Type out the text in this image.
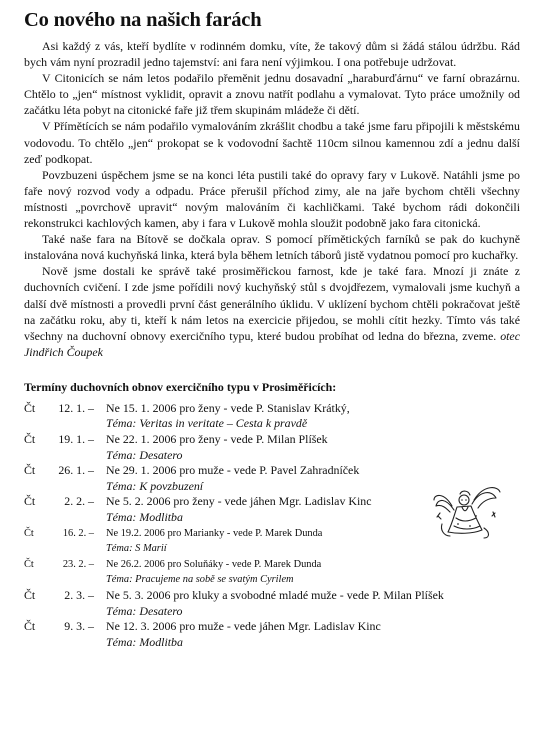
Co nového na našich farách

Asi každý z vás, kteří bydlíte v rodinném domku, víte, že takový dům si žádá stálou údržbu. Rád bych vám nyní prozradil jedno tajemství: ani fara není výjimkou. I ona potřebuje udržovat.

V Citonicích se nám letos podařilo přeměnit jednu dosavadní „haraburďárnu“ ve farní obrazárnu. Chtělo to „jen“ místnost vyklidit, opravit a znovu natřít podlahu a vymalovat. Tyto práce umožnily od začátku léta pobyt na citonické faře již třem skupinám mládeže či dětí.

V Přímětících se nám podařilo vymalováním zkrášlit chodbu a také jsme faru připojili k městskému vodovodu. To chtělo „jen“ prokopat se k vodovodní šachtě 110cm silnou kamennou zdí a jednu další zeď podkopat.

Povzbuzeni úspěchem jsme se na konci léta pustili také do opravy fary v Lukově. Natáhli jsme po faře nový rozvod vody a odpadu. Práce přerušil příchod zimy, ale na jaře bychom chtěli všechny místnosti „povrchově upravit“ novým malováním či kachličkami. Také bychom rádi dokončili rekonstrukci kachlových kamen, aby i fara v Lukově mohla sloužit podobně jako fara citonická.

Také naše fara na Bítově se dočkala oprav. S pomocí přímětických farníků se pak do kuchyně instalována nová kuchyňská linka, která byla během letních táborů jistě vydatnou pomocí pro kuchařky.

Nově jsme dostali ke správě také prosiměřickou farnost, kde je také fara. Mnozí ji znáte z duchovních cvičení. I zde jsme pořídili nový kuchyňský stůl s dvojdřezem, vymalovali jsme kuchyň a další dvě místnosti a provedli první část generálního úklidu. V uklízení bychom chtěli pokračovat ještě na začátku roku, aby ti, kteří k nám letos na exercicie přijedou, se mohli cítit hezky. Tímto vás také všechny na duchovní obnovy exercičního typu, které budou probíhat od ledna do března, zveme. otec Jindřich Čoupek

Termíny duchovních obnov exercičního typu v Prosiměřicích:
Čt	12. 1. – Ne 15. 1. 2006 pro ženy - vede P. Stanislav Krátký,
Téma: Veritas in veritate – Cesta k pravdě
Čt	19. 1. – Ne 22. 1. 2006 pro ženy - vede P. Milan Plíšek
Téma: Desatero
Čt	26. 1. – Ne 29. 1. 2006 pro muže - vede P. Pavel Zahradníček
Téma: K povzbuzení
Čt	2. 2. – Ne 5. 2. 2006 pro ženy - vede jáhen Mgr. Ladislav Kinc
Téma: Modlitba
Čt	16. 2. – Ne 19.2. 2006 pro Marianky - vede P. Marek Dunda
Téma: S Marií
Čt	23. 2. – Ne 26.2. 2006 pro Soluňáky - vede P. Marek Dunda
Téma: Pracujeme na sobě se svatým Cyrilem
Čt	2. 3. – Ne 5. 3. 2006 pro kluky a svobodné mladé muže - vede P. Milan Plíšek
Téma: Desatero
Čt	9. 3. – Ne 12. 3. 2006 pro muže - vede jáhen Mgr. Ladislav Kinc
Téma: Modlitba
